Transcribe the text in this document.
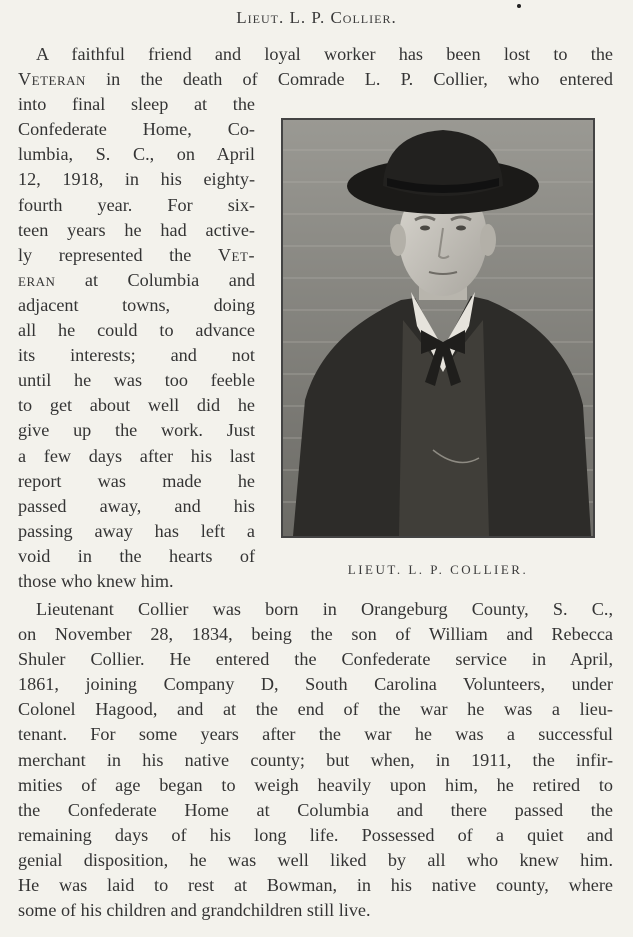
Lieut. L. P. Collier.
A faithful friend and loyal worker has been lost to the
Veteran in the death of Comrade L. P. Collier, who entered
into final sleep at the
Confederate Home, Co-
lumbia, S. C., on April
12, 1918, in his eighty-
fourth year. For six-
teen years he had active-
ly represented the Vet-
eran at Columbia and
adjacent towns, doing
all he could to advance
its interests; and not
until he was too feeble
to get about well did he
give up the work. Just
a few days after his last
report was made he
passed away, and his
passing away has left a
void in the hearts of
those who knew him.
LIEUT. L. P. COLLIER.
Lieutenant Collier was born in Orangeburg County, S. C.,
on November 28, 1834, being the son of William and Rebecca
Shuler Collier. He entered the Confederate service in April,
1861, joining Company D, South Carolina Volunteers, under
Colonel Hagood, and at the end of the war he was a lieu-
tenant. For some years after the war he was a successful
merchant in his native county; but when, in 1911, the infir-
mities of age began to weigh heavily upon him, he retired to
the Confederate Home at Columbia and there passed the
remaining days of his long life. Possessed of a quiet and
genial disposition, he was well liked by all who knew him.
He was laid to rest at Bowman, in his native county, where
some of his children and grandchildren still live.
